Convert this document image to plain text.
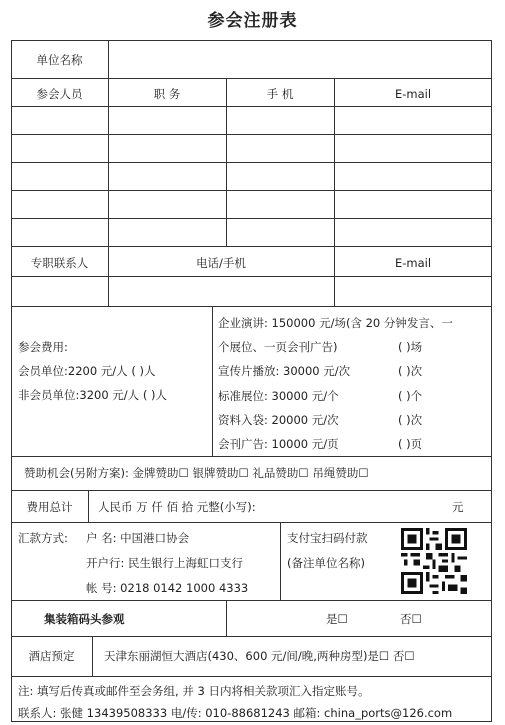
参会注册表
单位名称
参会人员	职 务	手 机	E-mail
专职联系人	电话/手机	E-mail
参会费用:
会员单位:2200 元/人 ( )人
非会员单位:3200 元/人 ( )人
企业演讲: 150000 元/场(含 20 分钟发言、一
个展位、一页会刊广告)	( )场
宣传片播放: 30000 元/次	( )次
标准展位: 30000 元/个	( )个
资料入袋: 20000 元/次	( )次
会刊广告: 10000 元/页	( )页
赞助机会(另附方案): 金牌赞助☐ 银牌赞助☐ 礼品赞助☐ 吊绳赞助☐
费用总计	人民币 万 仟 佰 拾 元整(小写):	元
汇款方式: 户 名: 中国港口协会
开户行: 民生银行上海虹口支行
帐 号: 0218 0142 1000 4333
支付宝扫码付款
(备注单位名称)
集装箱码头参观	是☐	否☐
酒店预定	天津东丽湖恒大酒店(430、600 元/间/晚,两种房型)是☐ 否☐
注: 填写后传真或邮件至会务组, 并 3 日内将相关款项汇入指定账号。
联系人: 张健 13439508333 电/传: 010-88681243 邮箱: china_ports@126.com
